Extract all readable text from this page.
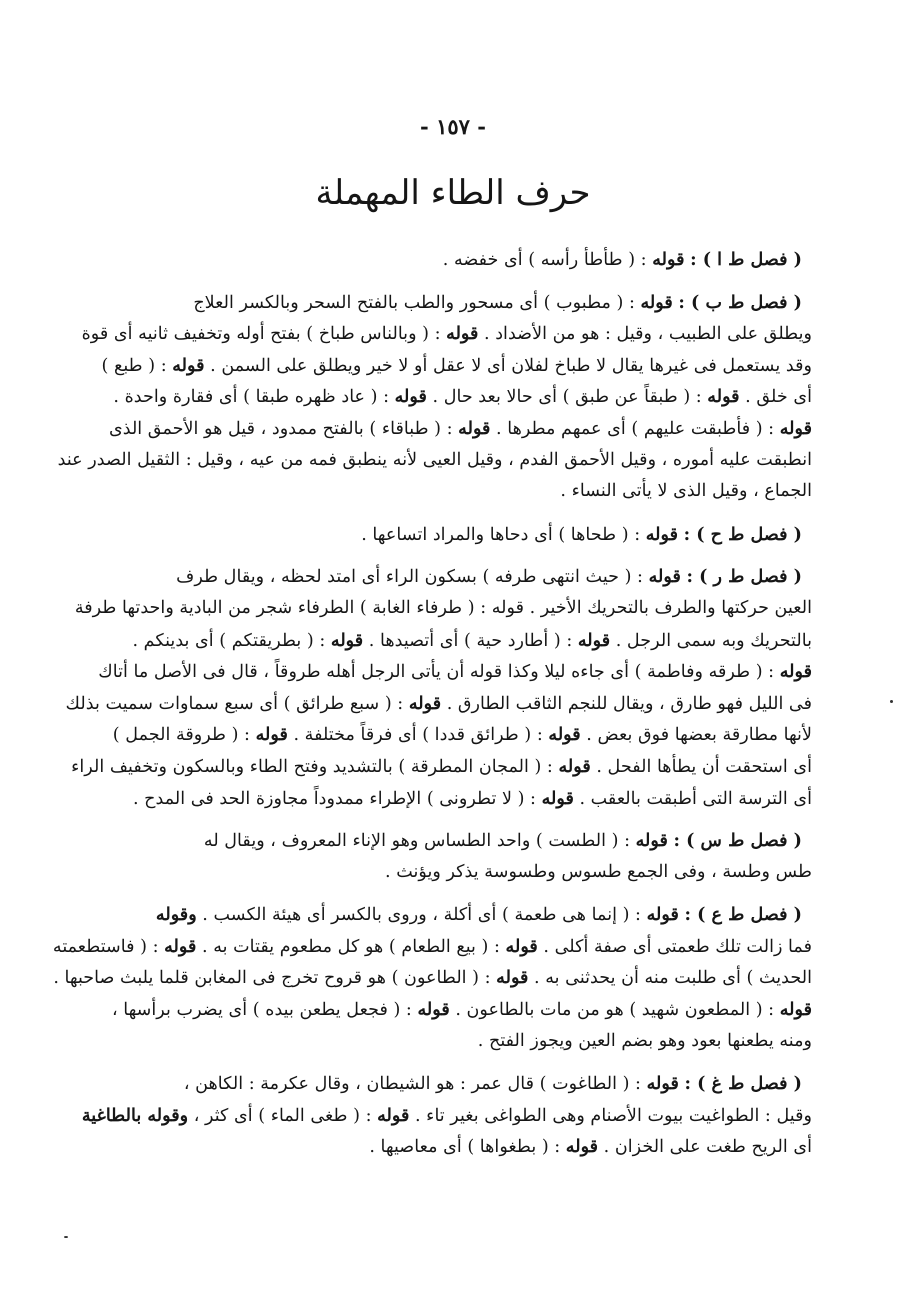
- ١٥٧ -
حرف الطاء المهملة
( فصل ط ا ) : قوله : ( طأطأ رأسه ) أى خفضه .
( فصل ط ب ) : قوله : ( مطبوب ) أى مسحور والطب بالفتح السحر وبالكسر العلاج
ويطلق على الطبيب ، وقيل : هو من الأضداد . قوله : ( وبالناس طباخ ) بفتح أوله وتخفيف ثانيه أى قوة
وقد يستعمل فى غيرها يقال لا طباخ لفلان أى لا عقل أو لا خير ويطلق على السمن . قوله : ( طبع )
أى خلق . قوله : ( طبقاً عن طبق ) أى حالا بعد حال . قوله : ( عاد ظهره طبقا ) أى فقارة واحدة .
قوله : ( فأطبقت عليهم ) أى عمهم مطرها . قوله : ( طباقاء ) بالفتح ممدود ، قيل هو الأحمق الذى
انطبقت عليه أموره ، وقيل الأحمق الفدم ، وقيل العيى لأنه ينطبق فمه من عيه ، وقيل : الثقيل الصدر عند
الجماع ، وقيل الذى لا يأتى النساء .
( فصل ط ح ) : قوله : ( طحاها ) أى دحاها والمراد اتساعها .
( فصل ط ر ) : قوله : ( حيث انتهى طرفه ) بسكون الراء أى امتد لحظه ، ويقال طرف
العين حركتها والطرف بالتحريك الأخير . قوله : ( طرفاء الغابة ) الطرفاء شجر من البادية واحدتها طرفة
بالتحريك وبه سمى الرجل . قوله : ( أطارد حية ) أى أتصيدها . قوله : ( بطريقتكم ) أى بدينكم .
قوله : ( طرقه وفاطمة ) أى جاءه ليلا وكذا قوله أن يأتى الرجل أهله طروقاً ، قال فى الأصل ما أتاك
فى الليل فهو طارق ، ويقال للنجم الثاقب الطارق . قوله : ( سبع طرائق ) أى سبع سماوات سميت بذلك
لأنها مطارقة بعضها فوق بعض . قوله : ( طرائق قددا ) أى فرقاً مختلفة . قوله : ( طروقة الجمل )
أى استحقت أن يطأها الفحل . قوله : ( المجان المطرقة ) بالتشديد وفتح الطاء وبالسكون وتخفيف الراء
أى الترسة التى أطبقت بالعقب . قوله : ( لا تطرونى ) الإطراء ممدوداً مجاوزة الحد فى المدح .
( فصل ط س ) : قوله : ( الطست ) واحد الطساس وهو الإناء المعروف ، ويقال له
طس وطسة ، وفى الجمع طسوس وطسوسة يذكر ويؤنث .
( فصل ط ع ) : قوله : ( إنما هى طعمة ) أى أكلة ، وروى بالكسر أى هيئة الكسب . وقوله
فما زالت تلك طعمتى أى صفة أكلى . قوله : ( بيع الطعام ) هو كل مطعوم يقتات به . قوله : ( فاستطعمته
الحديث ) أى طلبت منه أن يحدثنى به . قوله : ( الطاعون ) هو قروح تخرج فى المغابن قلما يلبث صاحبها .
قوله : ( المطعون شهيد ) هو من مات بالطاعون . قوله : ( فجعل يطعن بيده ) أى يضرب برأسها ،
ومنه يطعنها بعود وهو بضم العين ويجوز الفتح .
( فصل ط غ ) : قوله : ( الطاغوت ) قال عمر : هو الشيطان ، وقال عكرمة : الكاهن ،
وقيل : الطواغيت بيوت الأصنام وهى الطواغى بغير تاء . قوله : ( طغى الماء ) أى كثر ، وقوله بالطاغية
أى الريح طغت على الخزان . قوله : ( بطغواها ) أى معاصيها .
